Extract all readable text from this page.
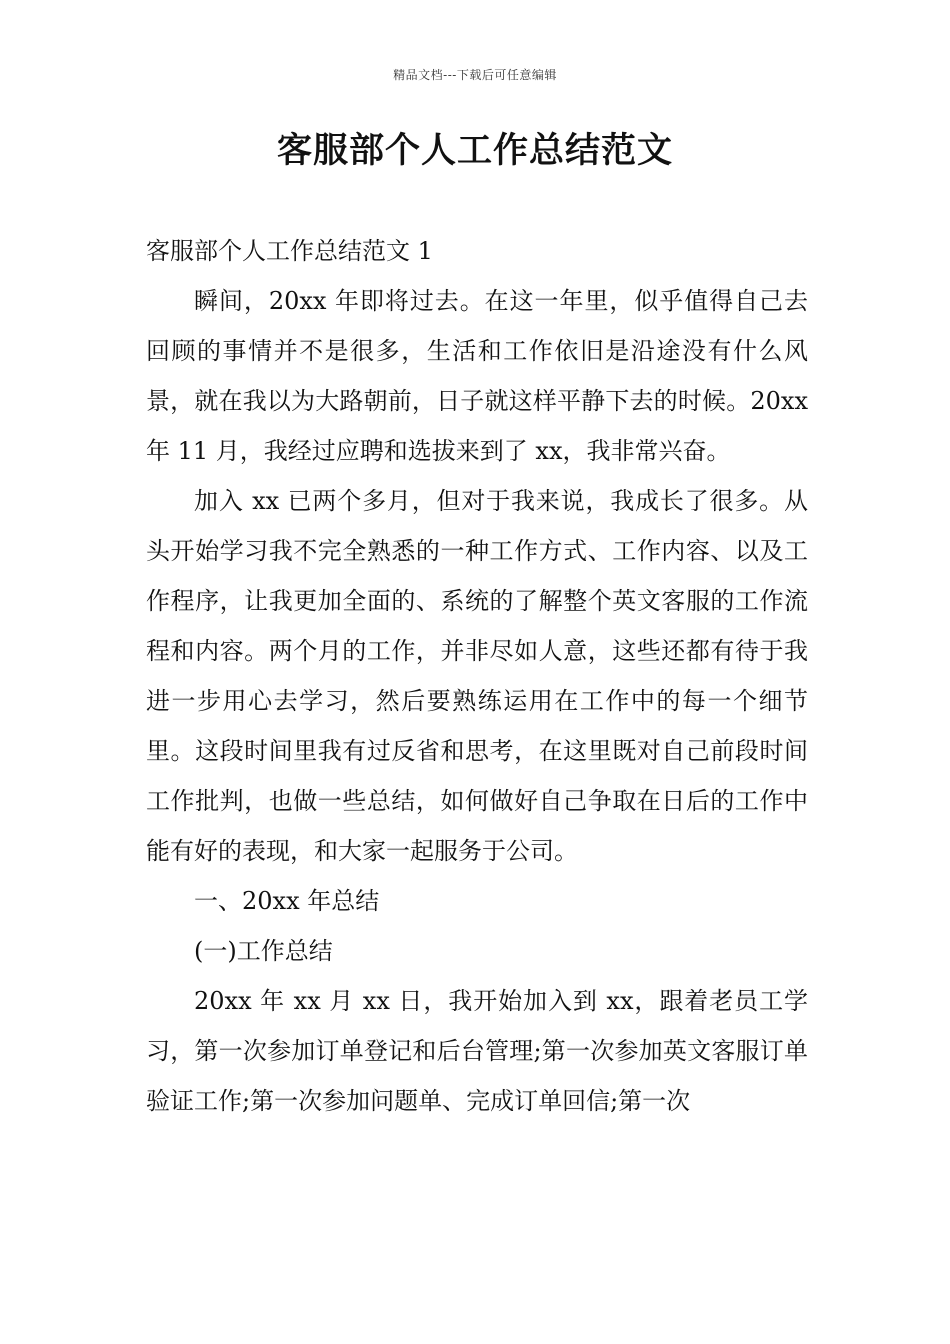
精品文档---下载后可任意编辑
客服部个人工作总结范文

客服部个人工作总结范文 1

瞬间，20xx 年即将过去。在这一年里，似乎值得自己去回顾的事情并不是很多，生活和工作依旧是沿途没有什么风景，就在我以为大路朝前，日子就这样平静下去的时候。20xx 年 11 月，我经过应聘和选拔来到了 xx，我非常兴奋。

加入 xx 已两个多月，但对于我来说，我成长了很多。从头开始学习我不完全熟悉的一种工作方式、工作内容、以及工作程序，让我更加全面的、系统的了解整个英文客服的工作流程和内容。两个月的工作，并非尽如人意，这些还都有待于我进一步用心去学习，然后要熟练运用在工作中的每一个细节里。这段时间里我有过反省和思考，在这里既对自己前段时间工作批判，也做一些总结，如何做好自己争取在日后的工作中能有好的表现，和大家一起服务于公司。

一、20xx 年总结

(一)工作总结

20xx 年 xx 月 xx 日，我开始加入到 xx，跟着老员工学习，第一次参加订单登记和后台管理;第一次参加英文客服订单验证工作;第一次参加问题单、完成订单回信;第一次
